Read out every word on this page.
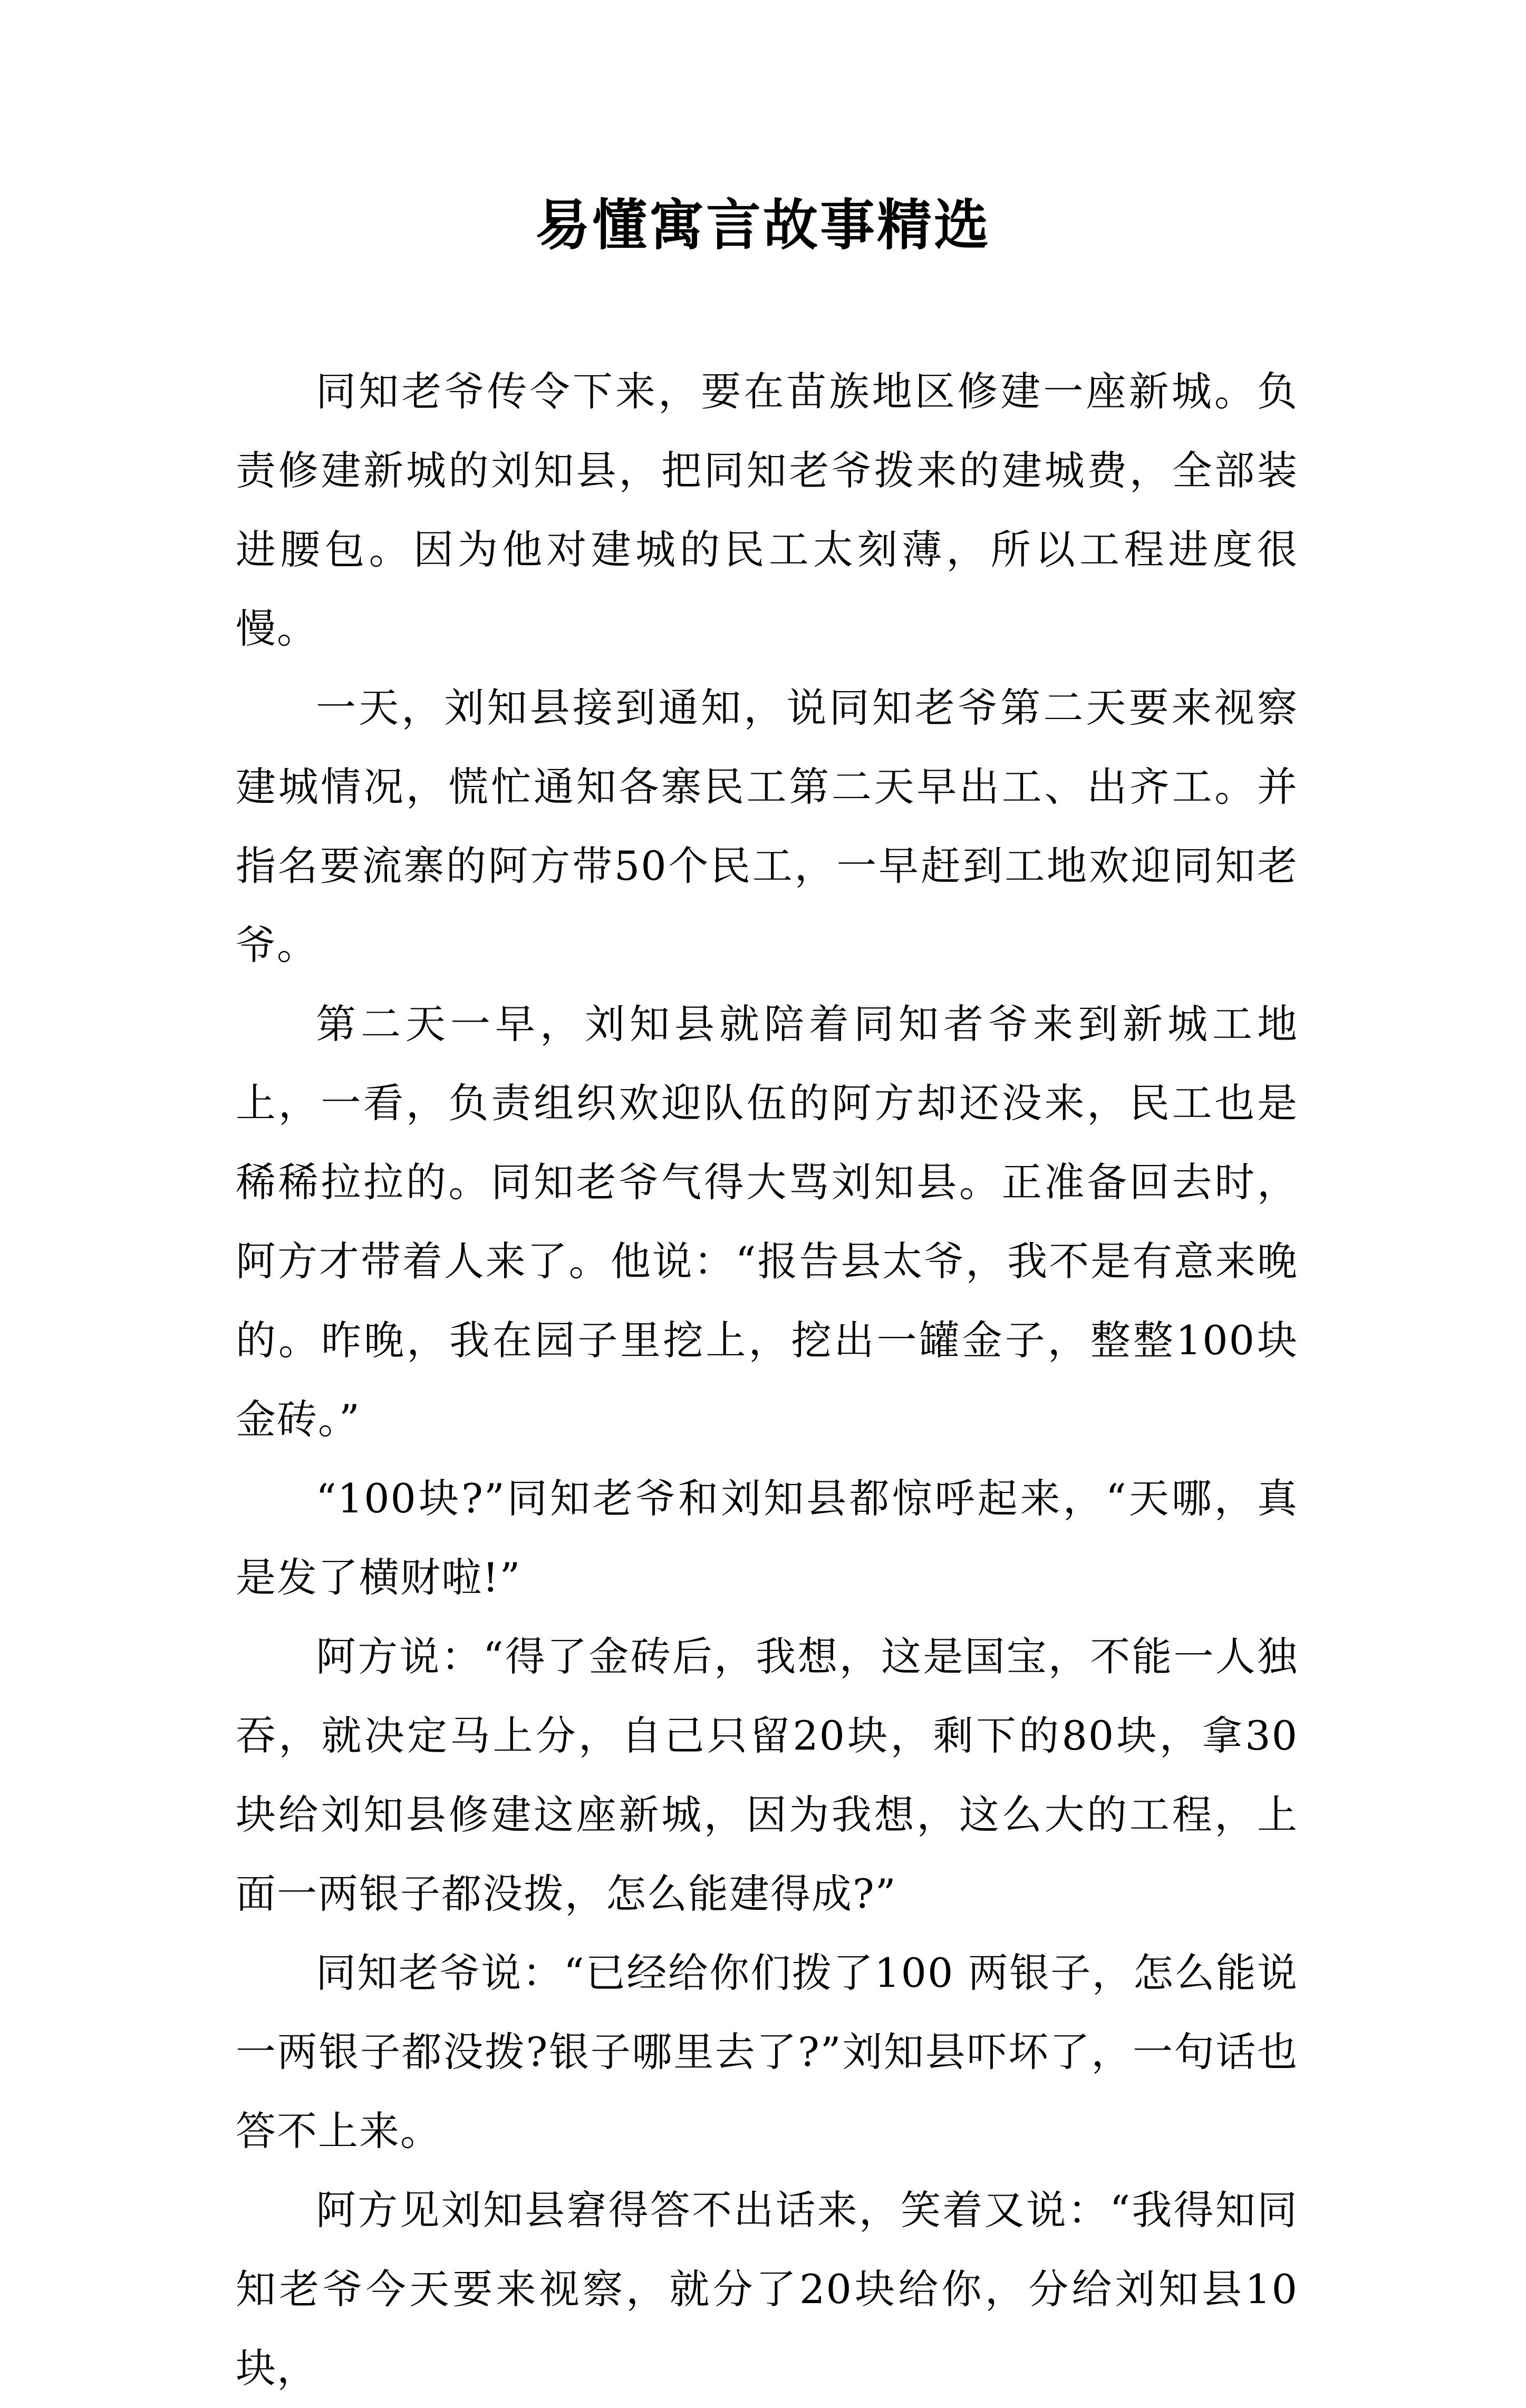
易懂寓言故事精选

同知老爷传令下来，要在苗族地区修建一座新城。负责修建新城的刘知县，把同知老爷拨来的建城费，全部装进腰包。因为他对建城的民工太刻薄，所以工程进度很慢。

一天，刘知县接到通知，说同知老爷第二天要来视察建城情况，慌忙通知各寨民工第二天早出工、出齐工。并指名要流寨的阿方带50个民工，一早赶到工地欢迎同知老爷。

第二天一早，刘知县就陪着同知者爷来到新城工地上，一看，负责组织欢迎队伍的阿方却还没来，民工也是稀稀拉拉的。同知老爷气得大骂刘知县。正准备回去时，阿方才带着人来了。他说：“报告县太爷，我不是有意来晚的。昨晚，我在园子里挖上，挖出一罐金子，整整100块金砖。”

“100块?”同知老爷和刘知县都惊呼起来，“天哪，真是发了横财啦!”

阿方说：“得了金砖后，我想，这是国宝，不能一人独吞，就决定马上分，自己只留20块，剩下的80块，拿30块给刘知县修建这座新城，因为我想，这么大的工程，上面一两银子都没拨，怎么能建得成?”

同知老爷说：“已经给你们拨了100 两银子，怎么能说一两银子都没拨?银子哪里去了?”刘知县吓坏了，一句话也答不上来。

阿方见刘知县窘得答不出话来，笑着又说：“我得知同知老爷今天要来视察，就分了20块给你，分给刘知县10块，
